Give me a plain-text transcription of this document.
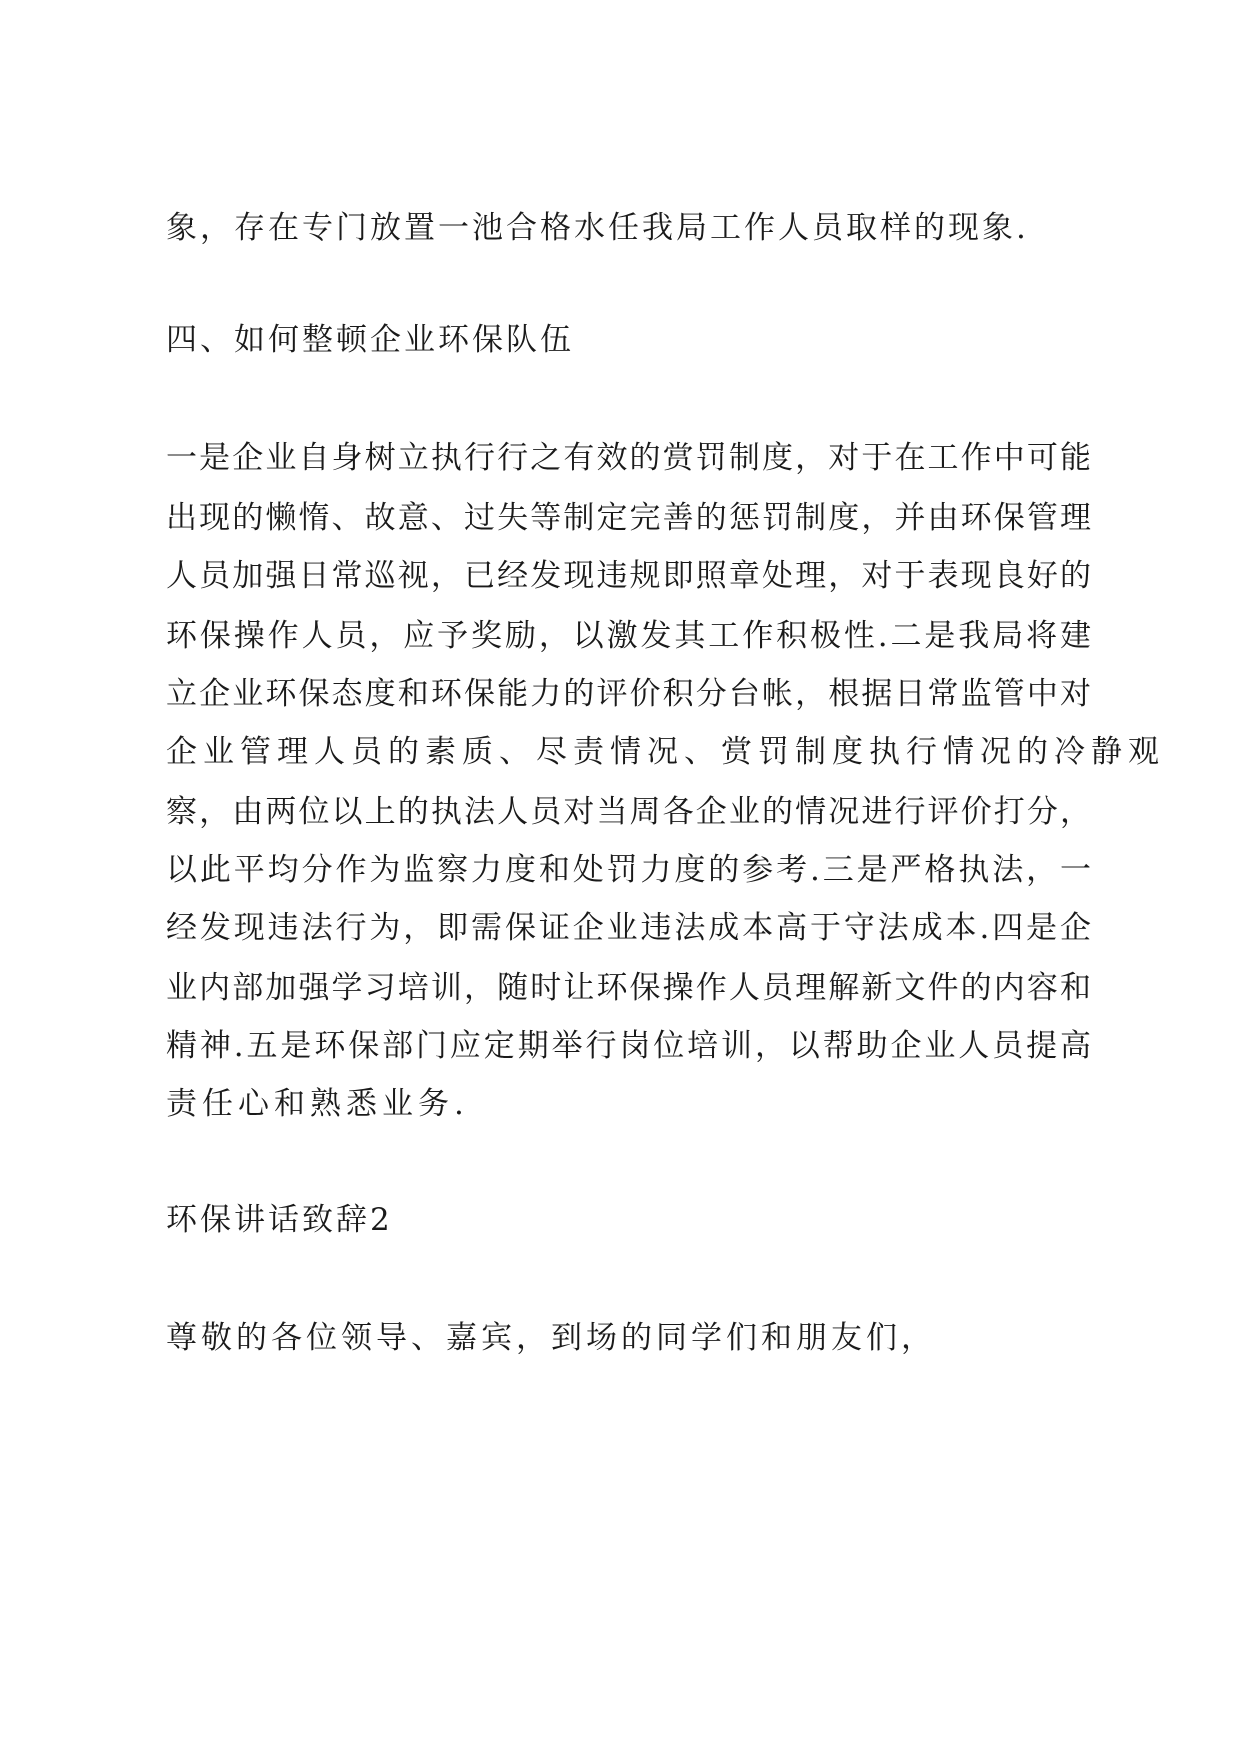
象，存在专门放置一池合格水任我局工作人员取样的现象.
四、如何整顿企业环保队伍
一是企业自身树立执行行之有效的赏罚制度，对于在工作中可能
出现的懒惰、故意、过失等制定完善的惩罚制度，并由环保管理
人员加强日常巡视，已经发现违规即照章处理，对于表现良好的
环保操作人员，应予奖励，以激发其工作积极性.二是我局将建
立企业环保态度和环保能力的评价积分台帐，根据日常监管中对
企业管理人员的素质、尽责情况、赏罚制度执行情况的冷静观
察，由两位以上的执法人员对当周各企业的情况进行评价打分，
以此平均分作为监察力度和处罚力度的参考.三是严格执法，一
经发现违法行为，即需保证企业违法成本高于守法成本.四是企
业内部加强学习培训，随时让环保操作人员理解新文件的内容和
精神.五是环保部门应定期举行岗位培训，以帮助企业人员提高
责任心和熟悉业务.
环保讲话致辞2
尊敬的各位领导、嘉宾，到场的同学们和朋友们，
